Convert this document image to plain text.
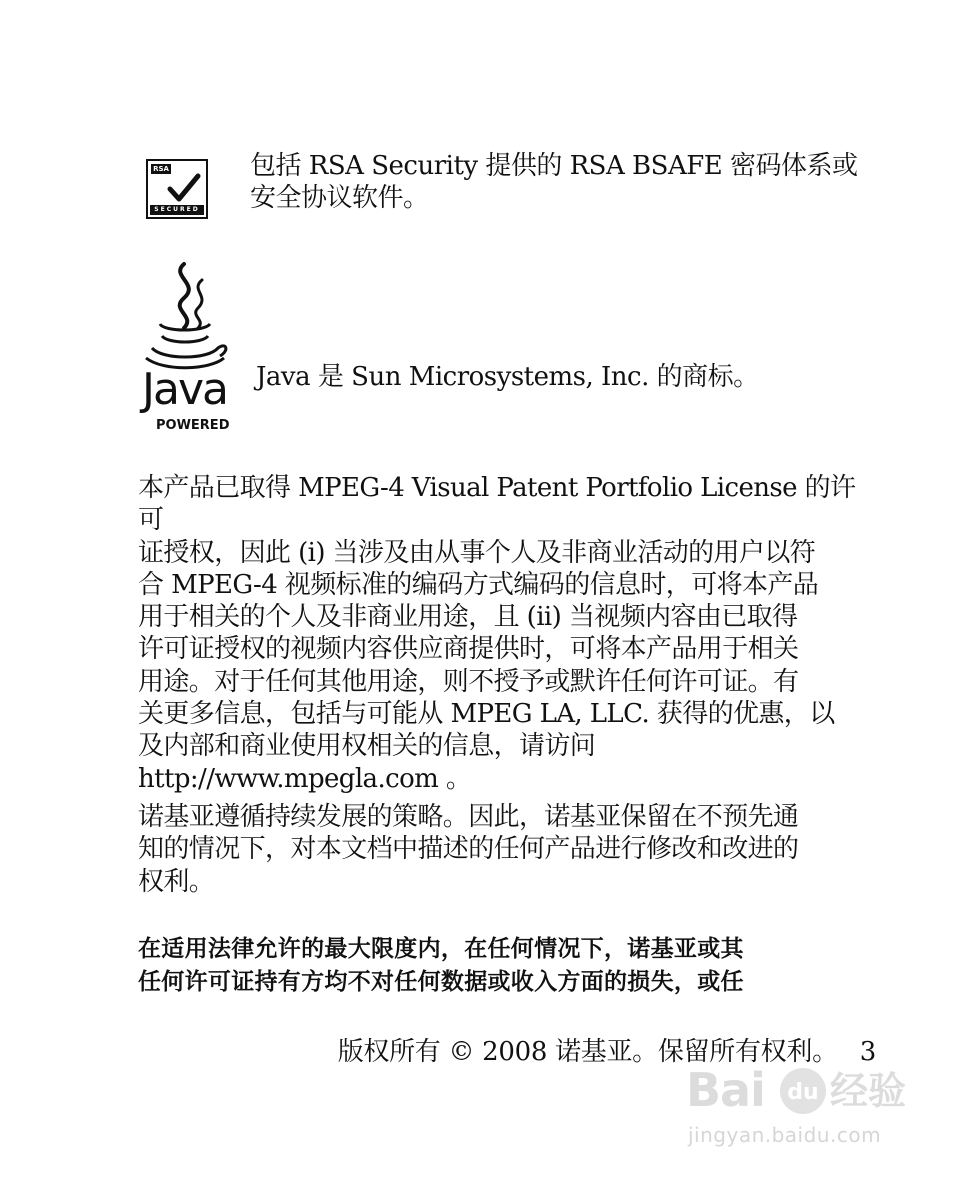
RSA
SECURED
包括 RSA Security 提供的 RSA BSAFE 密码体系或
安全协议软件。
Java
POWERED
Java 是 Sun Microsystems, Inc. 的商标。
本产品已取得 MPEG-4 Visual Patent Portfolio License 的许可
证授权，因此 (i) 当涉及由从事个人及非商业活动的用户以符
合 MPEG-4 视频标准的编码方式编码的信息时，可将本产品
用于相关的个人及非商业用途，且 (ii) 当视频内容由已取得
许可证授权的视频内容供应商提供时，可将本产品用于相关
用途。对于任何其他用途，则不授予或默许任何许可证。有
关更多信息，包括与可能从 MPEG LA, LLC. 获得的优惠，以
及内部和商业使用权相关的信息，请访问
http://www.mpegla.com 。
诺基亚遵循持续发展的策略。因此，诺基亚保留在不预先通
知的情况下，对本文档中描述的任何产品进行修改和改进的
权利。
在适用法律允许的最大限度内，在任何情况下，诺基亚或其
任何许可证持有方均不对任何数据或收入方面的损失，或任
版权所有 © 2008 诺基亚。保留所有权利。 3
Bai du 经验
jingyan.baidu.com
